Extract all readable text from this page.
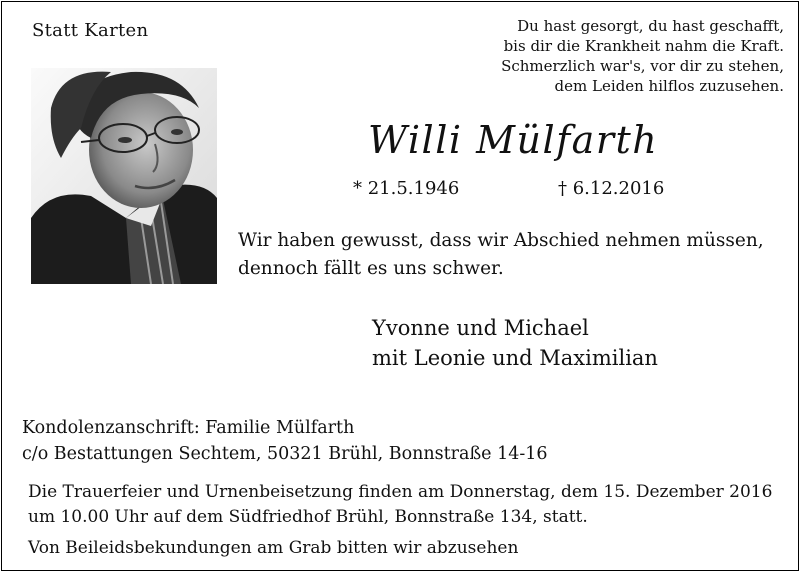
Statt Karten	Du hast gesorgt, du hast geschafft,
bis dir die Krankheit nahm die Kraft.
Schmerzlich war's, vor dir zu stehen,
dem Leiden hilflos zuzusehen.
Willi Mülfarth
* 21.5.1946	† 6.12.2016
Wir haben gewusst, dass wir Abschied nehmen müssen,
dennoch fällt es uns schwer.
Yvonne und Michael
mit Leonie und Maximilian
Kondolenzanschrift: Familie Mülfarth
c/o Bestattungen Sechtem, 50321 Brühl, Bonnstraße 14-16
Die Trauerfeier und Urnenbeisetzung finden am Donnerstag, dem 15. Dezember 2016
um 10.00 Uhr auf dem Südfriedhof Brühl, Bonnstraße 134, statt.
Von Beileidsbekundungen am Grab bitten wir abzusehen
